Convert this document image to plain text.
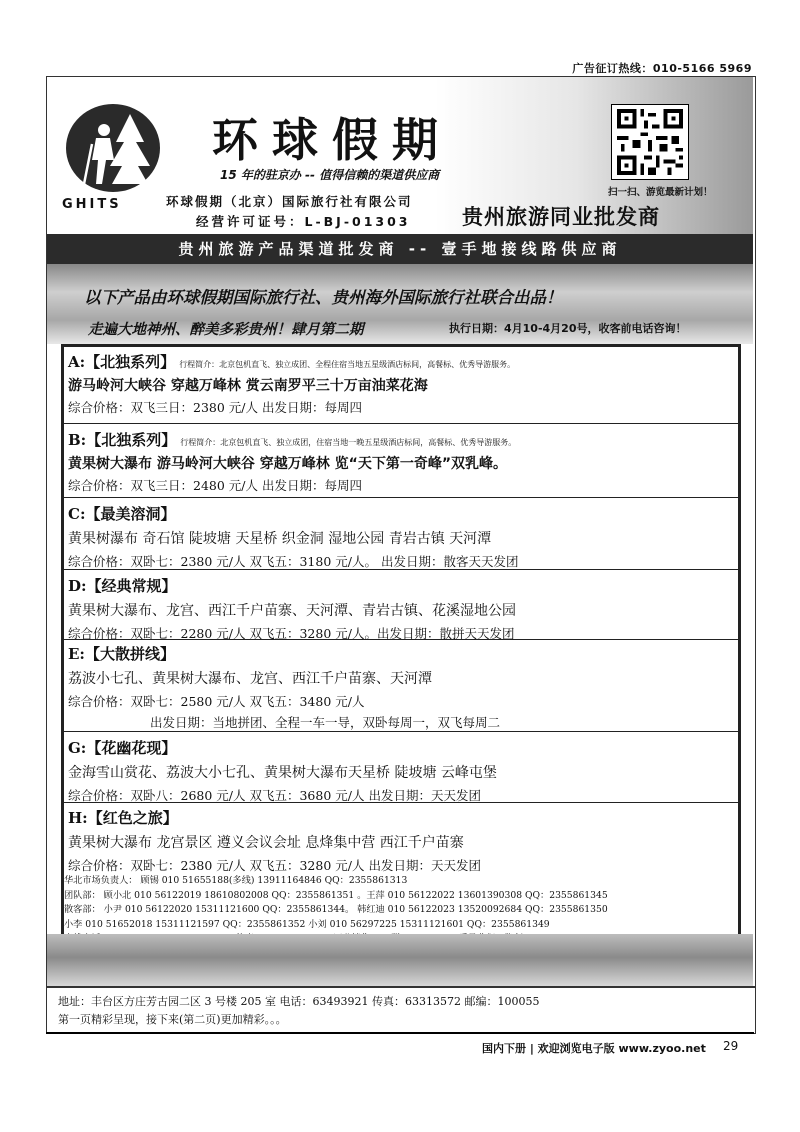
广告征订热线：010-5166 5969
GHITS
环球假期
15 年的驻京办 -- 值得信赖的渠道供应商
环球假期（北京）国际旅行社有限公司
经营许可证号：L-BJ-01303 贵州旅游同业批发商
扫一扫、游览最新计划！
贵州旅游产品渠道批发商 -- 壹手地接线路供应商
以下产品由环球假期国际旅行社、贵州海外国际旅行社联合出品！
走遍大地神州、醉美多彩贵州！肆月第二期	执行日期：4月10-4月20号，收客前电话咨询！
A:【北独系列】 行程简介：北京包机直飞、独立成团、全程住宿当地五星级酒店标间，高餐标、优秀导游服务。
游马岭河大峡谷 穿越万峰林 赏云南罗平三十万亩油菜花海
综合价格：双飞三日：2380 元/人 出发日期：每周四
B:【北独系列】 行程简介：北京包机直飞、独立成团，住宿当地一晚五星级酒店标间，高餐标、优秀导游服务。
黄果树大瀑布 游马岭河大峡谷 穿越万峰林 览“天下第一奇峰”双乳峰。
综合价格：双飞三日：2480 元/人 出发日期：每周四
C:【最美溶洞】
黄果树瀑布 奇石馆 陡坡塘 天星桥 织金洞 湿地公园 青岩古镇 天河潭
综合价格：双卧七：2380 元/人 双飞五：3180 元/人。 出发日期：散客天天发团
D:【经典常规】
黄果树大瀑布、龙宫、西江千户苗寨、天河潭、青岩古镇、花溪湿地公园
综合价格：双卧七：2280 元/人 双飞五：3280 元/人。出发日期：散拼天天发团
E:【大散拼线】
荔波小七孔、黄果树大瀑布、龙宫、西江千户苗寨、天河潭
综合价格：双卧七：2580 元/人 双飞五：3480 元/人
出发日期：当地拼团、全程一车一导，双卧每周一，双飞每周二
G:【花幽花现】
金海雪山赏花、荔波大小七孔、黄果树大瀑布天星桥 陡坡塘 云峰屯堡
综合价格：双卧八：2680 元/人 双飞五：3680 元/人 出发日期：天天发团
H:【红色之旅】
黄果树大瀑布 龙宫景区 遵义会议会址 息烽集中营 西江千户苗寨
综合价格：双卧七：2380 元/人 双飞五：3280 元/人 出发日期：天天发团
华北市场负责人： 顾锡 010 51655188(多线) 13911164846 QQ：2355861313
团队部： 顾小北 010 56122019 18610802008 QQ：2355861351 。王萍 010 56122022 13601390308 QQ：2355861345
散客部： 小尹 010 56122020 15311121600 QQ：2355861344。 韩红迪 010 56122023 13520092684 QQ：2355861350
小李 010 51652018 15311121597 QQ：2355861352 小刘 010 56297225 15311121601 QQ：2355861349
地址：丰台区方庄芳古园二区 3 号楼 205 室 电话：63493921 传真：63313572 邮编：100055
第一页精彩呈现，接下来(第二页)更加精彩。。。
国内下册 | 欢迎浏览电子版 www.zyoo.net 29
